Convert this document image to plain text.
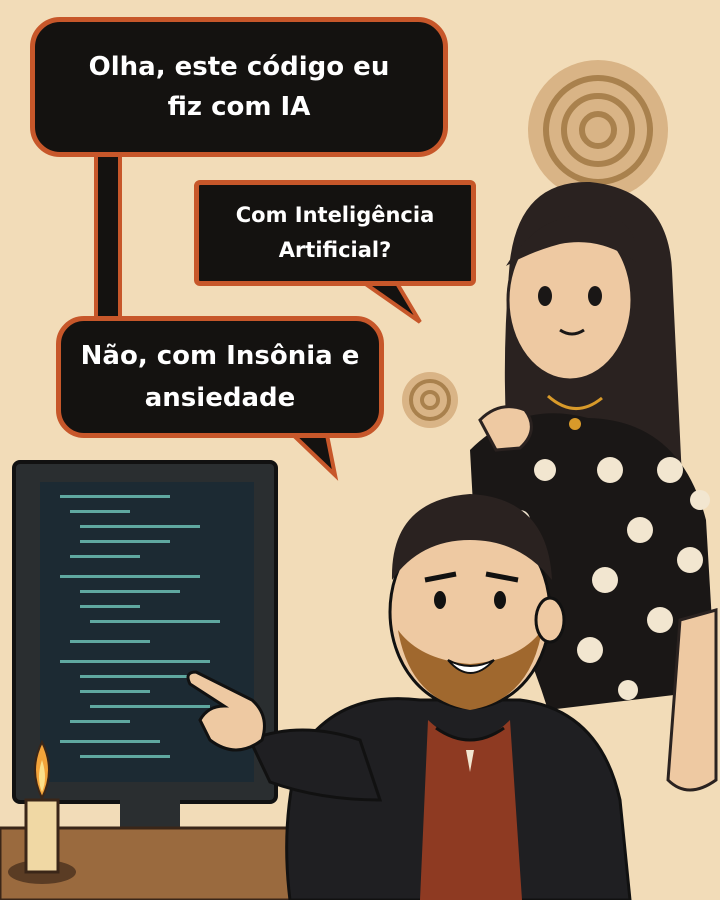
Olha, este código eu
fiz com IA
Com Inteligência
Artificial?
Não, com Insônia e
ansiedade
